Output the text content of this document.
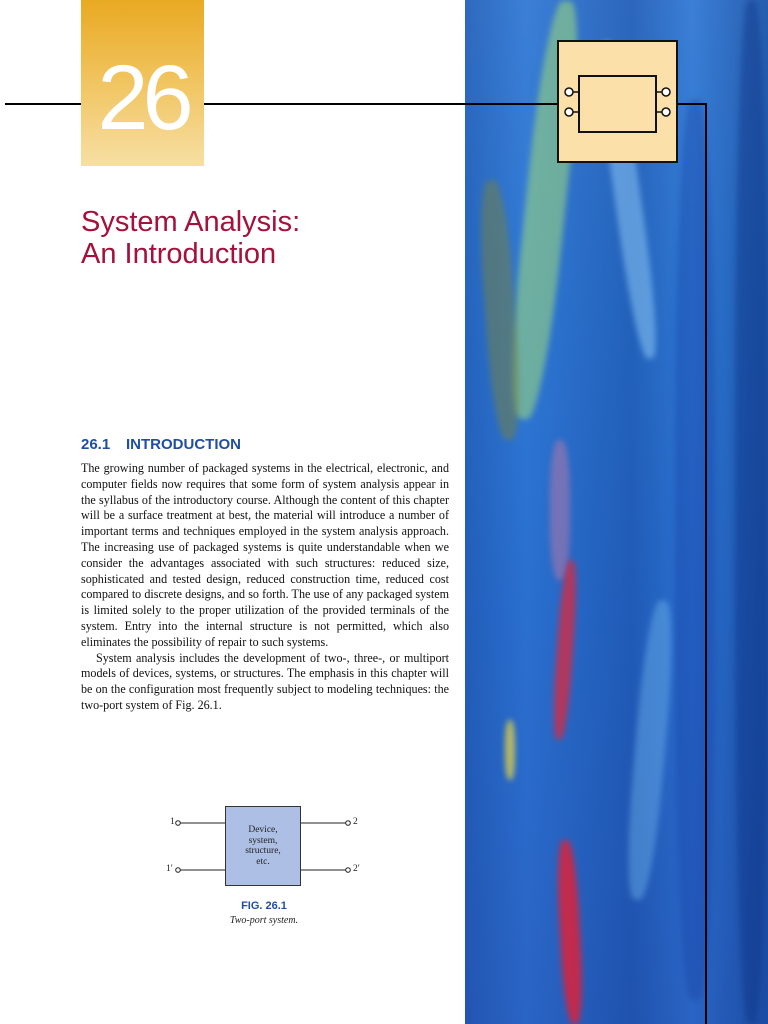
26
System Analysis:
An Introduction
26.1 INTRODUCTION

The growing number of packaged systems in the electrical, electronic, and computer fields now requires that some form of system analysis appear in the syllabus of the introductory course. Although the content of this chapter will be a surface treatment at best, the material will introduce a number of important terms and techniques employed in the system analysis approach. The increasing use of packaged systems is quite understandable when we consider the advantages associated with such structures: reduced size, sophisticated and tested design, reduced construction time, reduced cost compared to discrete designs, and so forth. The use of any packaged system is limited solely to the proper utilization of the provided terminals of the system. Entry into the internal structure is not permitted, which also eliminates the possibility of repair to such systems.

System analysis includes the development of two-, three-, or multiport models of devices, systems, or structures. The emphasis in this chapter will be on the configuration most frequently subject to modeling techniques: the two-port system of Fig. 26.1.

1
1′
2
2′
Device,
system,
structure,
etc.
FIG. 26.1
Two-port system.
